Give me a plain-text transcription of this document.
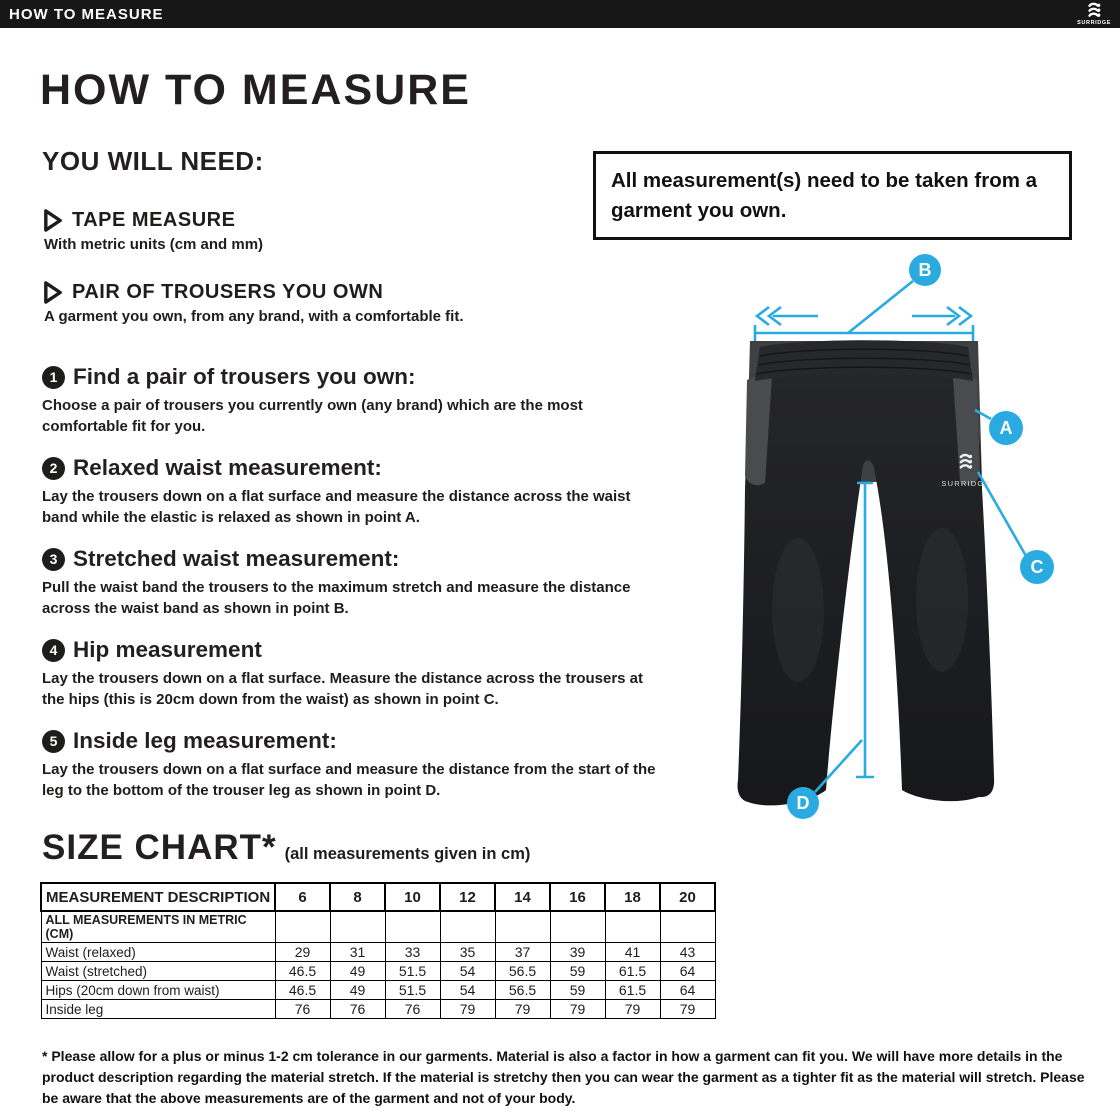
HOW TO MEASURE
SURRIDGE
HOW TO MEASURE
YOU WILL NEED:
TAPE MEASURE
With metric units (cm and mm)
PAIR OF TROUSERS YOU OWN
A garment you own, from any brand, with a comfortable fit.
All measurement(s) need to be taken from a garment you own.
1 Find a pair of trousers you own:
Choose a pair of trousers you currently own (any brand) which are the most comfortable fit for you.
2 Relaxed waist measurement:
Lay the trousers down on a flat surface and measure the distance across the waist band while the elastic is relaxed as shown in point A.
3 Stretched waist measurement:
Pull the waist band the trousers to the maximum stretch and measure the distance across the waist band as shown in point B.
4 Hip measurement
Lay the trousers down on a flat surface. Measure the distance across the trousers at the hips (this is 20cm down from the waist) as shown in point C.
5 Inside leg measurement:
Lay the trousers down on a flat surface and measure the distance from the start of the leg to the bottom of the trouser leg as shown in point D.
SURRIDGE
B
A
C
D
SIZE CHART* (all measurements given in cm)
MEASUREMENT DESCRIPTION	6	8	10	12	14	16	18	20
ALL MEASUREMENTS IN METRIC (CM)								
Waist (relaxed)	29	31	33	35	37	39	41	43
Waist (stretched)	46.5	49	51.5	54	56.5	59	61.5	64
Hips (20cm down from waist)	46.5	49	51.5	54	56.5	59	61.5	64
Inside leg	76	76	76	79	79	79	79	79

* Please allow for a plus or minus 1-2 cm tolerance in our garments. Material is also a factor in how a garment can fit you. We will have more details in the product description regarding the material stretch. If the material is stretchy then you can wear the garment as a tighter fit as the material will stretch. Please be aware that the above measurements are of the garment and not of your body.
